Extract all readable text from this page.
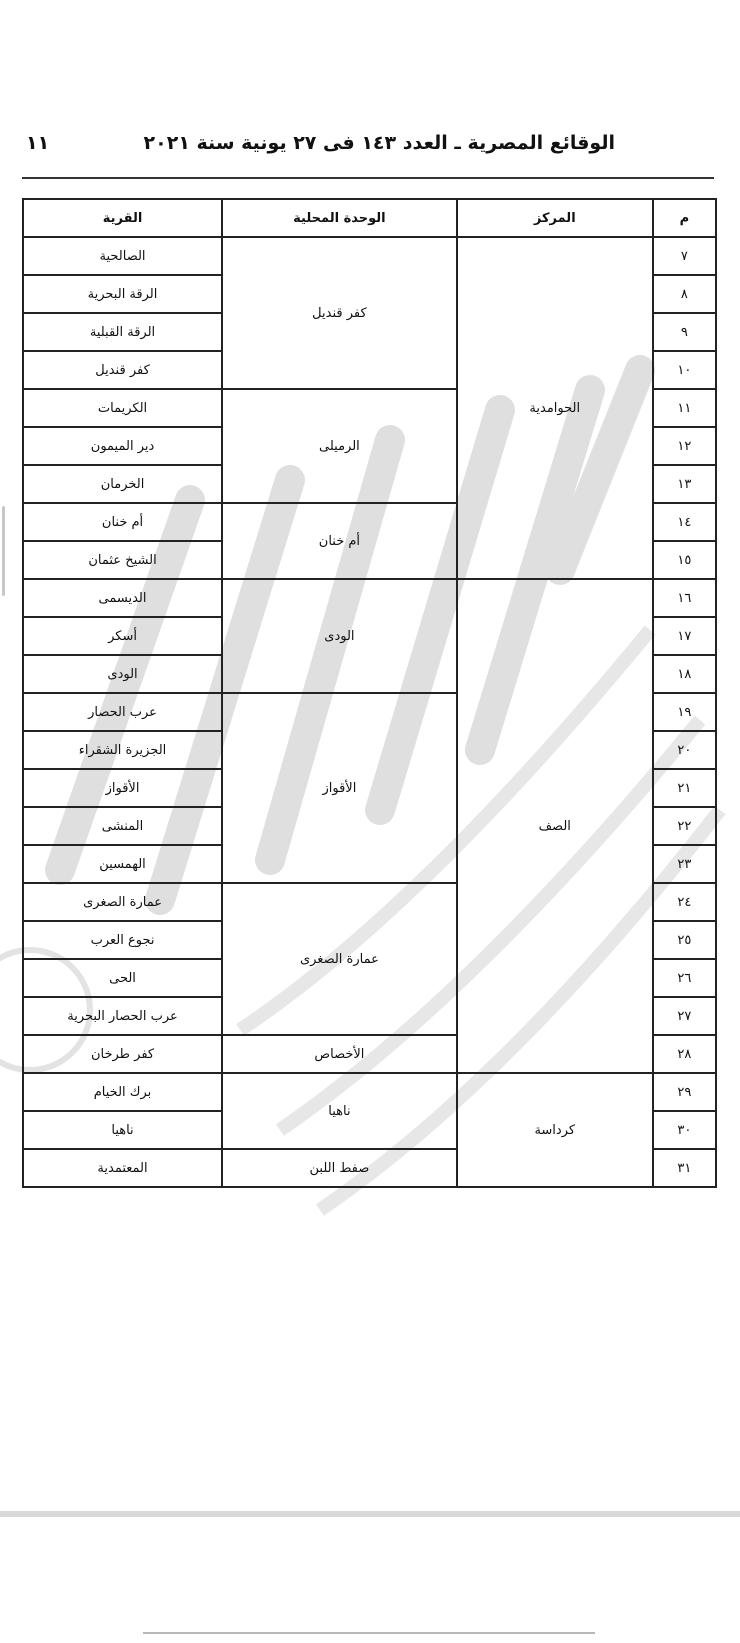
الوقائع المصرية ـ العدد ١٤٣ فى ٢٧ يونية سنة ٢٠٢١
١١
م	المركز	الوحدة المحلية	القرية
٧	الحوامدية	كفر قنديل	الصالحية
٨			الرقة البحرية
٩			الرقة القبلية
١٠			كفر قنديل
١١		الرميلى	الكريمات
١٢			دير الميمون
١٣			الخرمان
١٤		أم خنان	أم خنان
١٥			الشيخ عثمان
١٦	الصف	الودى	الديسمى
١٧			أسكر
١٨			الودى
١٩		الأقواز	عرب الحصار
٢٠			الجزيرة الشقراء
٢١			الأقواز
٢٢			المنشى
٢٣			الهمسين
٢٤		عمارة الصغرى	عمارة الصغرى
٢٥			نجوع العرب
٢٦			الحى
٢٧			عرب الحصار البحرية
٢٨		الأخصاص	كفر طرخان
٢٩	كرداسة	ناهيا	برك الخيام
٣٠			ناهيا
٣١		صفط اللبن	المعتمدية
